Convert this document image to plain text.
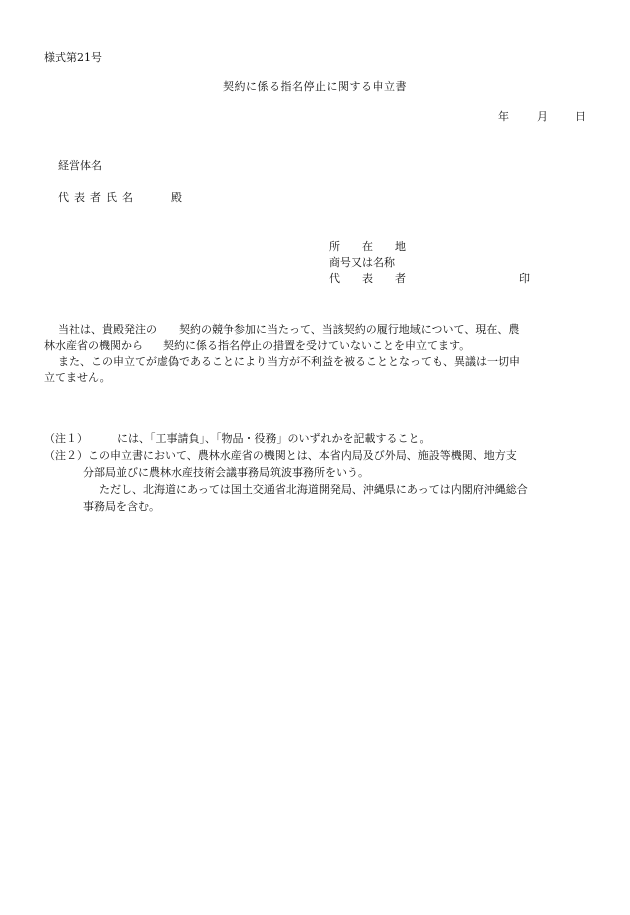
様式第21号
契約に係る指名停止に関する申立書
年	月 日
経営体名
代表者氏名	殿
所　　在　　地
商号又は名称
代　　表　　者	印
当社は、貴殿発注の 契約の競争参加に当たって、当該契約の履行地域について、現在、農
林水産省の機関から 契約に係る指名停止の措置を受けていないことを申立てます。
また、この申立てが虚偽であることにより当方が不利益を被ることとなっても、異議は一切申
立てません。
（注１）	には、「工事請負」、「物品・役務」のいずれかを記載すること。
（注２）この申立書において、農林水産省の機関とは、本省内局及び外局、施設等機関、地方支
分部局並びに農林水産技術会議事務局筑波事務所をいう。
ただし、北海道にあっては国土交通省北海道開発局、沖縄県にあっては内閣府沖縄総合
事務局を含む。
